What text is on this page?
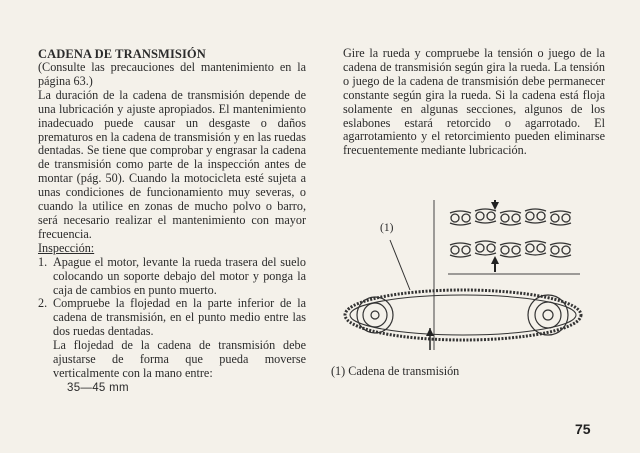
CADENA DE TRANSMISIÓN

(Consulte las precauciones del mantenimiento en la página 63.)

La duración de la cadena de transmisión depende de una lubricación y ajuste apropiados. El mantenimiento inadecuado puede causar un desgaste o daños prematuros en la cadena de transmisión y en las ruedas dentadas. Se tiene que comprobar y engrasar la cadena de transmisión como parte de la inspección antes de montar (pág. 50). Cuando la motocicleta esté sujeta a unas condiciones de funcionamiento muy severas, o cuando la utilice en zonas de mucho polvo o barro, será necesario realizar el mantenimiento con mayor frecuencia.

Inspección:

1. Apague el motor, levante la rueda trasera del suelo colocando un soporte debajo del motor y ponga la caja de cambios en punto muerto.
2. Compruebe la flojedad en la parte inferior de la cadena de transmisión, en el punto medio entre las dos ruedas dentadas.

La flojedad de la cadena de transmisión debe ajustarse de forma que pueda moverse verticalmente con la mano entre:

35—45 mm

Gire la rueda y compruebe la tensión o juego de la cadena de transmisión según gira la rueda. La tensión o juego de la cadena de transmisión debe permanecer constante según gira la rueda. Si la cadena está floja solamente en algunas secciones, algunos de los eslabones estará retorcido o agarrotado. El agarrotamiento y el retorcimiento pueden eliminarse frecuentemente mediante lubricación.

(1)
(1) Cadena de transmisión
75
